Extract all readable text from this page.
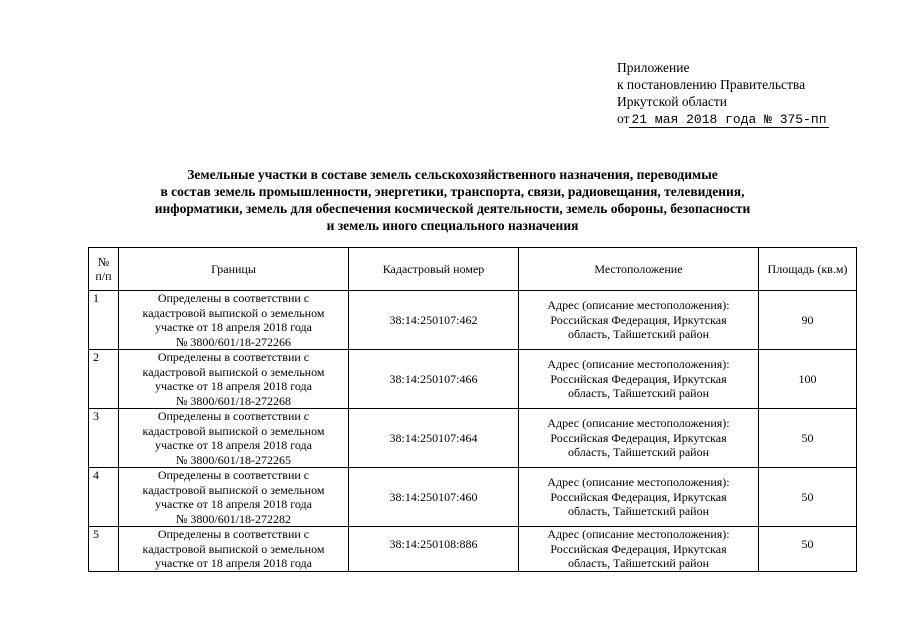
Приложение
к постановлению Правительства
Иркутской области
от 21 мая 2018 года № 375-пп
Земельные участки в составе земель сельскохозяйственного назначения, переводимые
в состав земель промышленности, энергетики, транспорта, связи, радиовещания, телевидения,
информатики, земель для обеспечения космической деятельности, земель обороны, безопасности
и земель иного специального назначения
№
п/п	Границы	Кадастровый номер	Местоположение	Площадь (кв.м)
1	Определены в соответствии с
кадастровой выпиской о земельном
участке от 18 апреля 2018 года
№ 3800/601/18-272266	38:14:250107:462	Адрес (описание местоположения):
Российская Федерация, Иркутская
область, Тайшетский район	90
2	Определены в соответствии с
кадастровой выпиской о земельном
участке от 18 апреля 2018 года
№ 3800/601/18-272268	38:14:250107:466	Адрес (описание местоположения):
Российская Федерация, Иркутская
область, Тайшетский район	100
3	Определены в соответствии с
кадастровой выпиской о земельном
участке от 18 апреля 2018 года
№ 3800/601/18-272265	38:14:250107:464	Адрес (описание местоположения):
Российская Федерация, Иркутская
область, Тайшетский район	50
4	Определены в соответствии с
кадастровой выпиской о земельном
участке от 18 апреля 2018 года
№ 3800/601/18-272282	38:14:250107:460	Адрес (описание местоположения):
Российская Федерация, Иркутская
область, Тайшетский район	50
5	Определены в соответствии с
кадастровой выпиской о земельном
участке от 18 апреля 2018 года	38:14:250108:886	Адрес (описание местоположения):
Российская Федерация, Иркутская
область, Тайшетский район	50
